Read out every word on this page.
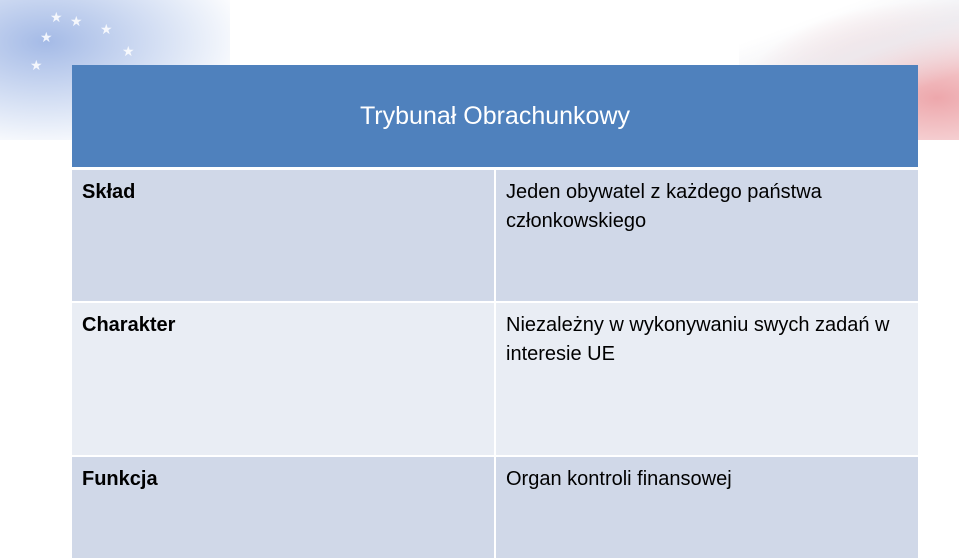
★ ★
★
★
★
★
Trybunał Obrachunkowy	
Skład	Jeden obywatel z każdego państwa członkowskiego
Charakter	Niezależny w wykonywaniu swych zadań w interesie UE
Funkcja	Organ kontroli finansowej
